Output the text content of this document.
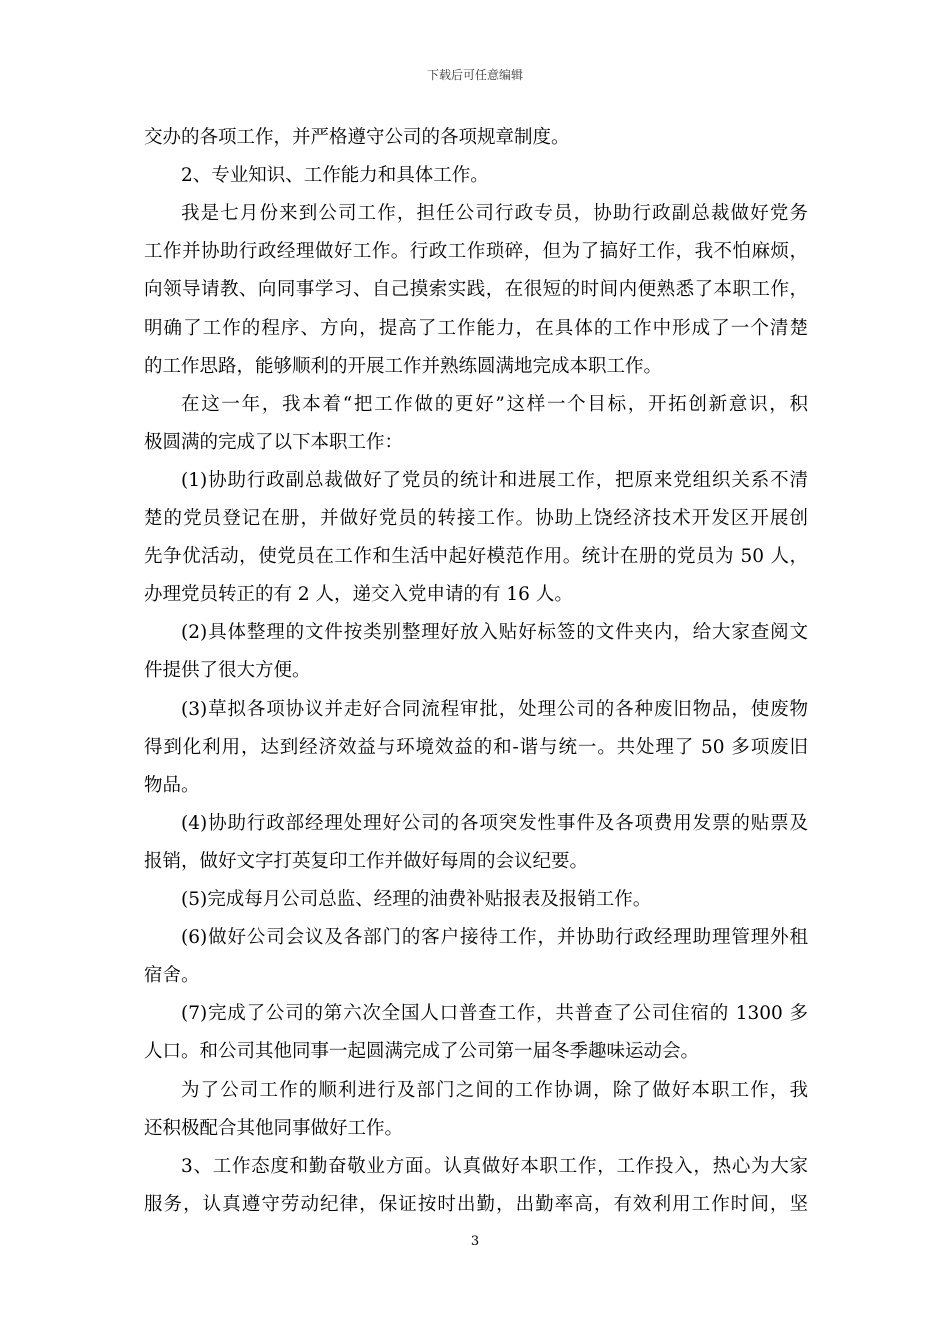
下载后可任意编辑
交办的各项工作，并严格遵守公司的各项规章制度。
2、专业知识、工作能力和具体工作。
我是七月份来到公司工作，担任公司行政专员，协助行政副总裁做好党务
工作并协助行政经理做好工作。行政工作琐碎，但为了搞好工作，我不怕麻烦，
向领导请教、向同事学习、自己摸索实践，在很短的时间内便熟悉了本职工作，
明确了工作的程序、方向，提高了工作能力，在具体的工作中形成了一个清楚
的工作思路，能够顺利的开展工作并熟练圆满地完成本职工作。
在这一年，我本着“把工作做的更好”这样一个目标，开拓创新意识，积
极圆满的完成了以下本职工作：
(1)协助行政副总裁做好了党员的统计和进展工作，把原来党组织关系不清
楚的党员登记在册，并做好党员的转接工作。协助上饶经济技术开发区开展创
先争优活动，使党员在工作和生活中起好模范作用。统计在册的党员为 50 人，
办理党员转正的有 2 人，递交入党申请的有 16 人。
(2)具体整理的文件按类别整理好放入贴好标签的文件夹内，给大家查阅文
件提供了很大方便。
(3)草拟各项协议并走好合同流程审批，处理公司的各种废旧物品，使废物
得到化利用，达到经济效益与环境效益的和-谐与统一。共处理了 50 多项废旧
物品。
(4)协助行政部经理处理好公司的各项突发性事件及各项费用发票的贴票及
报销，做好文字打英复印工作并做好每周的会议纪要。
(5)完成每月公司总监、经理的油费补贴报表及报销工作。
(6)做好公司会议及各部门的客户接待工作，并协助行政经理助理管理外租
宿舍。
(7)完成了公司的第六次全国人口普查工作，共普查了公司住宿的 1300 多
人口。和公司其他同事一起圆满完成了公司第一届冬季趣味运动会。
为了公司工作的顺利进行及部门之间的工作协调，除了做好本职工作，我
还积极配合其他同事做好工作。
3、工作态度和勤奋敬业方面。认真做好本职工作，工作投入，热心为大家
服务，认真遵守劳动纪律，保证按时出勤，出勤率高，有效利用工作时间，坚
3
